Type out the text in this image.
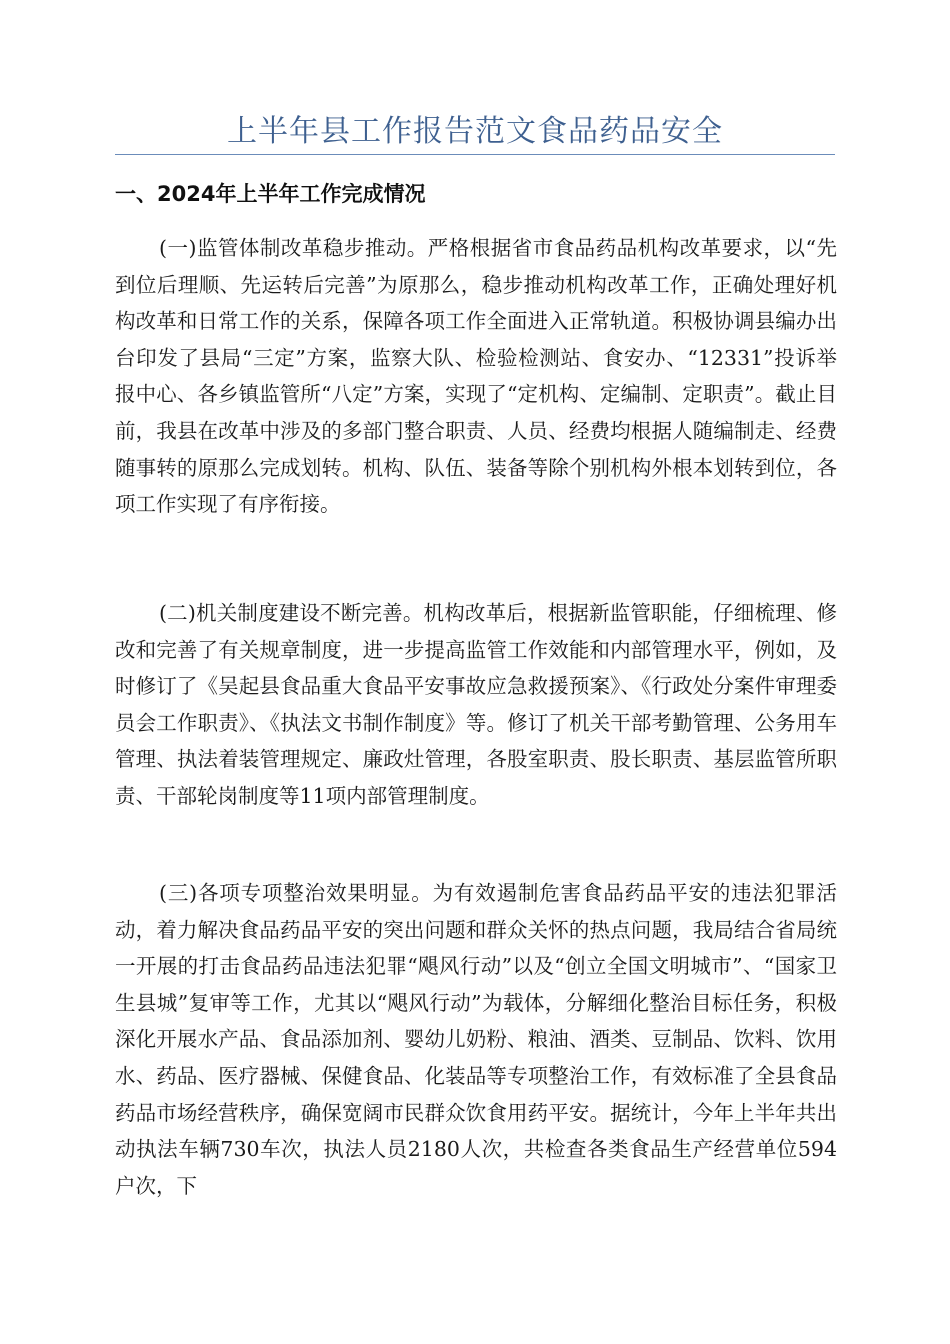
上半年县工作报告范文食品药品安全
一、2024年上半年工作完成情况

(一)监管体制改革稳步推动。严格根据省市食品药品机构改革要求，以“先到位后理顺、先运转后完善”为原那么，稳步推动机构改革工作，正确处理好机构改革和日常工作的关系，保障各项工作全面进入正常轨道。积极协调县编办出台印发了县局“三定”方案，监察大队、检验检测站、食安办、“12331”投诉举报中心、各乡镇监管所“八定”方案，实现了“定机构、定编制、定职责”。截止目前，我县在改革中涉及的多部门整合职责、人员、经费均根据人随编制走、经费随事转的原那么完成划转。机构、队伍、装备等除个别机构外根本划转到位，各项工作实现了有序衔接。

(二)机关制度建设不断完善。机构改革后，根据新监管职能，仔细梳理、修改和完善了有关规章制度，进一步提高监管工作效能和内部管理水平，例如，及时修订了《吴起县食品重大食品平安事故应急救援预案》、《行政处分案件审理委员会工作职责》、《执法文书制作制度》等。修订了机关干部考勤管理、公务用车管理、执法着装管理规定、廉政灶管理，各股室职责、股长职责、基层监管所职责、干部轮岗制度等11项内部管理制度。

(三)各项专项整治效果明显。为有效遏制危害食品药品平安的违法犯罪活动，着力解决食品药品平安的突出问题和群众关怀的热点问题，我局结合省局统一开展的打击食品药品违法犯罪“飓风行动”以及“创立全国文明城市”、“国家卫生县城”复审等工作，尤其以“飓风行动”为载体，分解细化整治目标任务，积极深化开展水产品、食品添加剂、婴幼儿奶粉、粮油、酒类、豆制品、饮料、饮用水、药品、医疗器械、保健食品、化装品等专项整治工作，有效标准了全县食品药品市场经营秩序，确保宽阔市民群众饮食用药平安。据统计，今年上半年共出动执法车辆730车次，执法人员2180人次，共检查各类食品生产经营单位594户次，下
